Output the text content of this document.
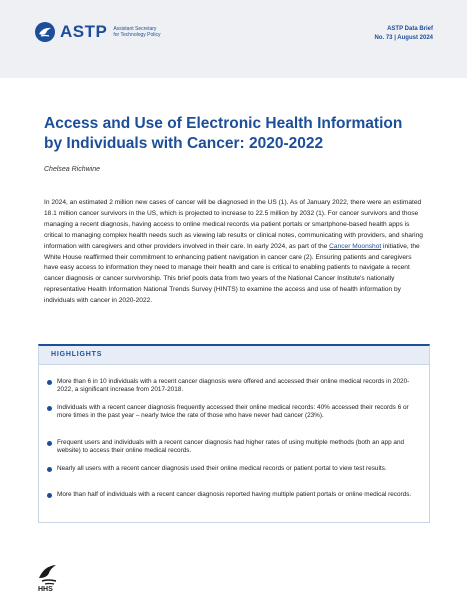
ASTP Assistant Secretary
for Technology Policy
ASTP Data Brief
No. 73 | August 2024
Access and Use of Electronic Health Information by Individuals with Cancer: 2020-2022
Chelsea Richwine

In 2024, an estimated 2 million new cases of cancer will be diagnosed in the US (1). As of January 2022, there were an estimated 18.1 million cancer survivors in the US, which is projected to increase to 22.5 million by 2032 (1). For cancer survivors and those managing a recent diagnosis, having access to online medical records via patient portals or smartphone-based health apps is critical to managing complex health needs such as viewing lab results or clinical notes, communicating with providers, and sharing information with caregivers and other providers involved in their care. In early 2024, as part of the Cancer Moonshot initiative, the White House reaffirmed their commitment to enhancing patient navigation in cancer care (2). Ensuring patients and caregivers have easy access to information they need to manage their health and care is critical to enabling patients to navigate a recent cancer diagnosis or cancer survivorship. This brief pools data from two years of the National Cancer Institute's nationally representative Health Information National Trends Survey (HINTS) to examine the access and use of health information by individuals with cancer in 2020-2022.

HIGHLIGHTS
More than 6 in 10 individuals with a recent cancer diagnosis were offered and accessed their online medical records in 2020-2022, a significant increase from 2017-2018.
Individuals with a recent cancer diagnosis frequently accessed their online medical records: 40% accessed their records 6 or more times in the past year – nearly twice the rate of those who have never had cancer (23%).
Frequent users and individuals with a recent cancer diagnosis had higher rates of using multiple methods (both an app and website) to access their online medical records.
Nearly all users with a recent cancer diagnosis used their online medical records or patient portal to view test results.
More than half of individuals with a recent cancer diagnosis reported having multiple patient portals or online medical records.
HHS
